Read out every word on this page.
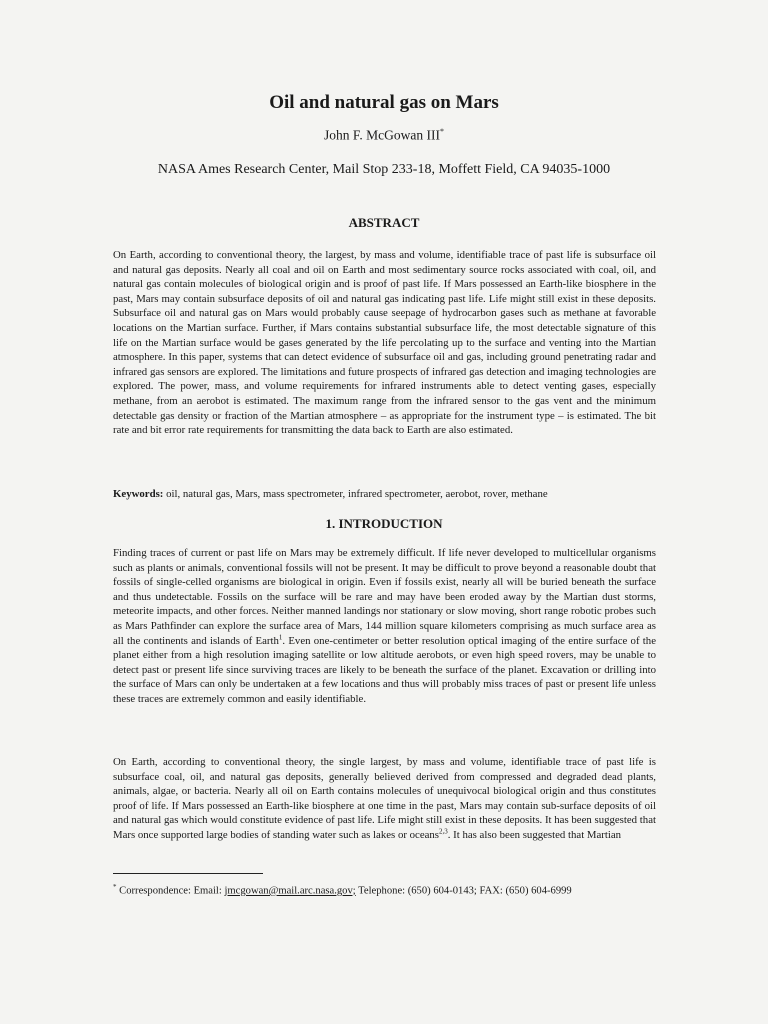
Oil and natural gas on Mars
John F. McGowan III*
NASA Ames Research Center, Mail Stop 233-18, Moffett Field, CA 94035-1000
ABSTRACT

On Earth, according to conventional theory, the largest, by mass and volume, identifiable trace of past life is subsurface oil and natural gas deposits. Nearly all coal and oil on Earth and most sedimentary source rocks associated with coal, oil, and natural gas contain molecules of biological origin and is proof of past life. If Mars possessed an Earth-like biosphere in the past, Mars may contain subsurface deposits of oil and natural gas indicating past life. Life might still exist in these deposits. Subsurface oil and natural gas on Mars would probably cause seepage of hydrocarbon gases such as methane at favorable locations on the Martian surface. Further, if Mars contains substantial subsurface life, the most detectable signature of this life on the Martian surface would be gases generated by the life percolating up to the surface and venting into the Martian atmosphere. In this paper, systems that can detect evidence of subsurface oil and gas, including ground penetrating radar and infrared gas sensors are explored. The limitations and future prospects of infrared gas detection and imaging technologies are explored. The power, mass, and volume requirements for infrared instruments able to detect venting gases, especially methane, from an aerobot is estimated. The maximum range from the infrared sensor to the gas vent and the minimum detectable gas density or fraction of the Martian atmosphere – as appropriate for the instrument type – is estimated. The bit rate and bit error rate requirements for transmitting the data back to Earth are also estimated.

Keywords: oil, natural gas, Mars, mass spectrometer, infrared spectrometer, aerobot, rover, methane
1. INTRODUCTION

Finding traces of current or past life on Mars may be extremely difficult. If life never developed to multicellular organisms such as plants or animals, conventional fossils will not be present. It may be difficult to prove beyond a reasonable doubt that fossils of single-celled organisms are biological in origin. Even if fossils exist, nearly all will be buried beneath the surface and thus undetectable. Fossils on the surface will be rare and may have been eroded away by the Martian dust storms, meteorite impacts, and other forces. Neither manned landings nor stationary or slow moving, short range robotic probes such as Mars Pathfinder can explore the surface area of Mars, 144 million square kilometers comprising as much surface area as all the continents and islands of Earth$^1$. Even one-centimeter or better resolution optical imaging of the entire surface of the planet either from a high resolution imaging satellite or low altitude aerobots, or even high speed rovers, may be unable to detect past or present life since surviving traces are likely to be beneath the surface of the planet. Excavation or drilling into the surface of Mars can only be undertaken at a few locations and thus will probably miss traces of past or present life unless these traces are extremely common and easily identifiable.

On Earth, according to conventional theory, the single largest, by mass and volume, identifiable trace of past life is subsurface coal, oil, and natural gas deposits, generally believed derived from compressed and degraded dead plants, animals, algae, or bacteria. Nearly all oil on Earth contains molecules of unequivocal biological origin and thus constitutes proof of life. If Mars possessed an Earth-like biosphere at one time in the past, Mars may contain sub-surface deposits of oil and natural gas which would constitute evidence of past life. Life might still exist in these deposits. It has been suggested that Mars once supported large bodies of standing water such as lakes or oceans$^{2,3}$. It has also been suggested that Martian

* Correspondence: Email: jmcgowan@mail.arc.nasa.gov; Telephone: (650) 604-0143; FAX: (650) 604-6999
